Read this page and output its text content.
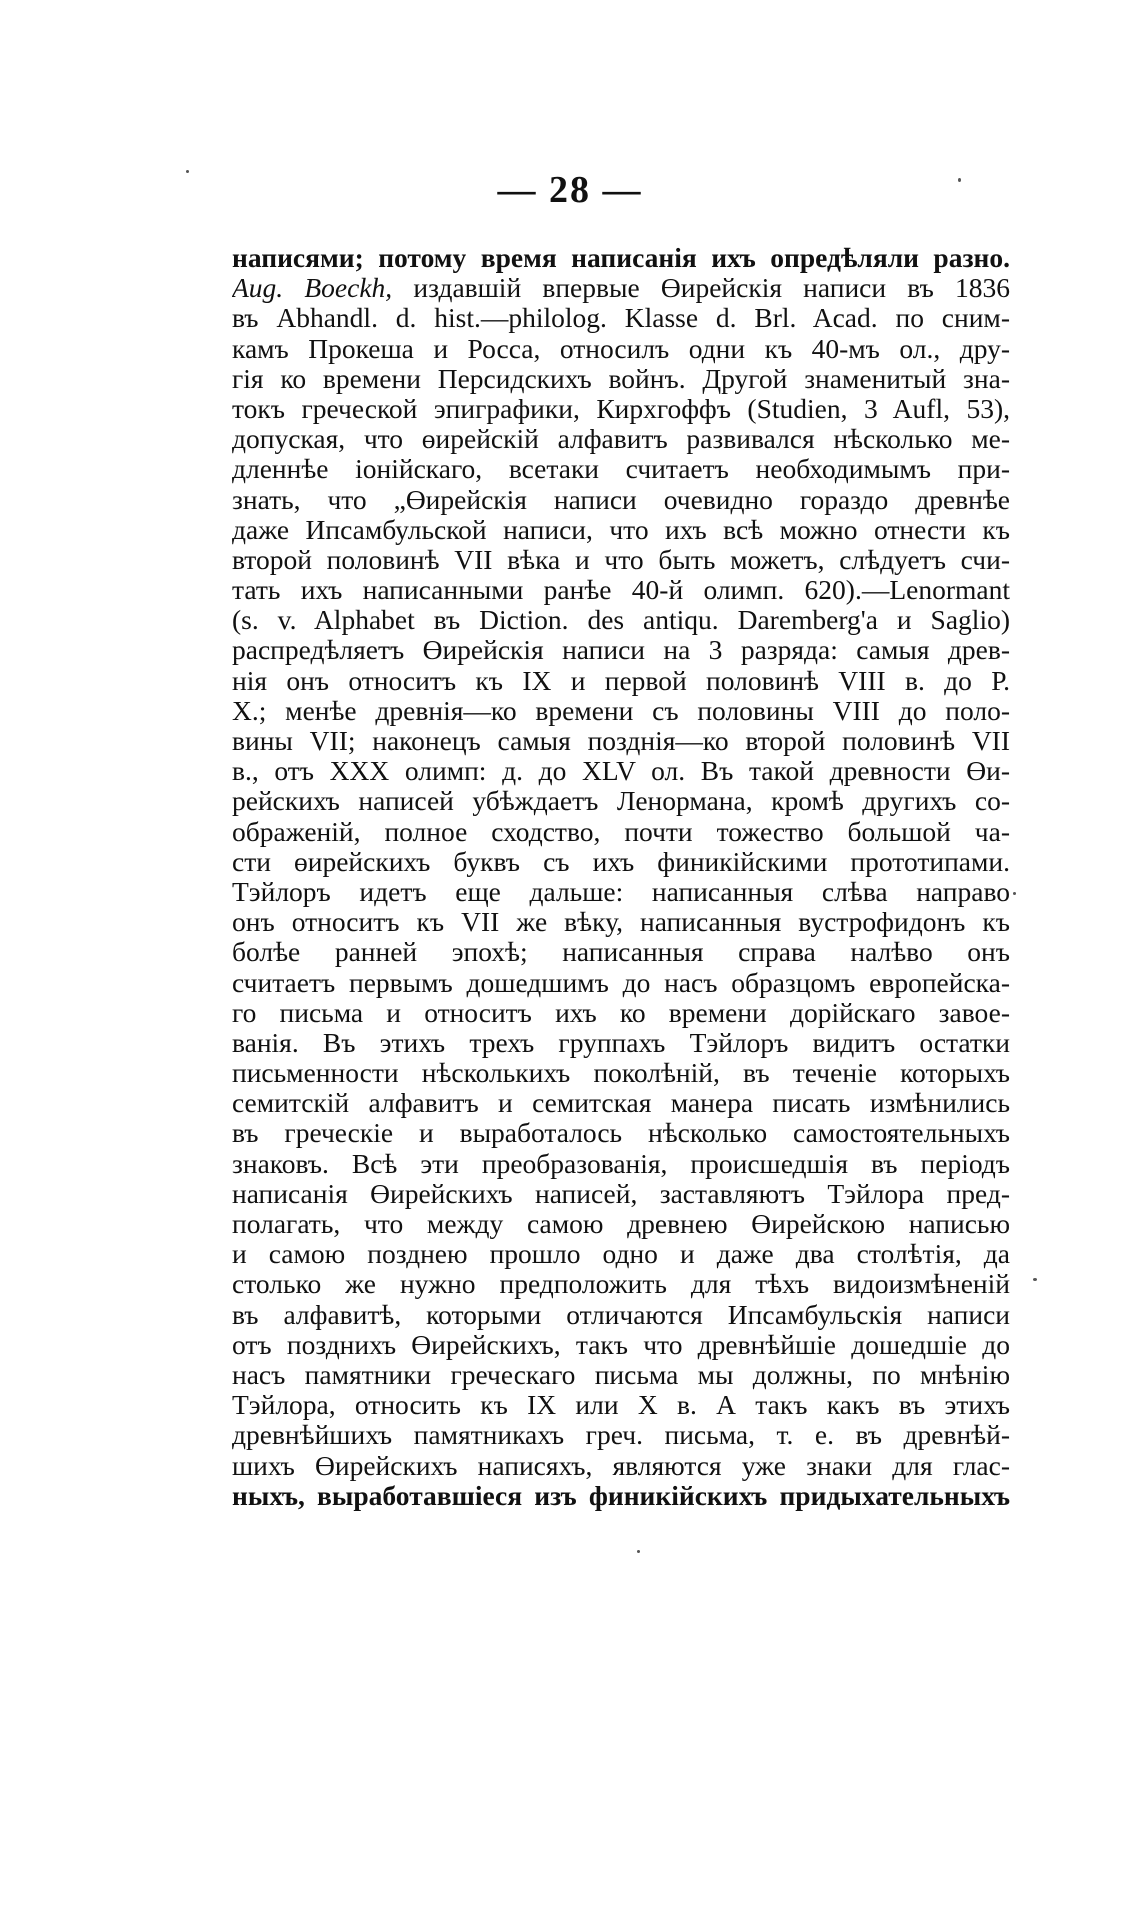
— 28 —
написями; потому время написанія ихъ опредѣляли разно.
Aug. Boeckh, издавшій впервые Өирейскія написи въ 1836
въ Abhandl. d. hist.—philolog. Klasse d. Brl. Acad. по сним-
камъ Прокеша и Росса, относилъ одни къ 40-мъ ол., дру-
гія ко времени Персидскихъ войнъ. Другой знаменитый зна-
токъ греческой эпиграфики, Кирхгоффъ (Studien, 3 Aufl, 53),
допуская, что өирейскій алфавитъ развивался нѣсколько ме-
дленнѣе іонійскаго, всетаки считаетъ необходимымъ при-
знать, что „Өирейскія написи очевидно гораздо древнѣе
даже Ипсамбульской написи, что ихъ всѣ можно отнести къ
второй половинѣ VII вѣка и что быть можетъ, слѣдуетъ счи-
тать ихъ написанными ранѣе 40-й олимп. 620).—Lenormant
(s. v. Alphabet въ Diction. des antiqu. Daremberg'a и Saglio)
распредѣляетъ Өирейскія написи на 3 разряда: самыя древ-
нія онъ относитъ къ IX и первой половинѣ VIII в. до Р.
Х.; менѣе древнія—ко времени съ половины VIII до поло-
вины VII; наконецъ самыя позднія—ко второй половинѣ VII
в., отъ XXX олимп: д. до XLV ол. Въ такой древности Өи-
рейскихъ написей убѣждаетъ Ленормана, кромѣ другихъ со-
ображеній, полное сходство, почти тожество большой ча-
сти өирейскихъ буквъ съ ихъ финикійскими прототипами.
Тэйлоръ идетъ еще дальше: написанныя слѣва направо
онъ относитъ къ VII же вѣку, написанныя вустрофидонъ къ
болѣе ранней эпохѣ; написанныя справа налѣво онъ
считаетъ первымъ дошедшимъ до насъ образцомъ европейска-
го письма и относитъ ихъ ко времени дорійскаго завое-
ванія. Въ этихъ трехъ группахъ Тэйлоръ видитъ остатки
письменности нѣсколькихъ поколѣній, въ теченіе которыхъ
семитскій алфавитъ и семитская манера писать измѣнились
въ греческіе и выработалось нѣсколько самостоятельныхъ
знаковъ. Всѣ эти преобразованія, происшедшія въ періодъ
написанія Өирейскихъ написей, заставляютъ Тэйлора пред-
полагать, что между самою древнею Өирейскою написью
и самою позднею прошло одно и даже два столѣтія, да
столько же нужно предположить для тѣхъ видоизмѣненій
въ алфавитѣ, которыми отличаются Ипсамбульскія написи
отъ позднихъ Өирейскихъ, такъ что древнѣйшіе дошедшіе до
насъ памятники греческаго письма мы должны, по мнѣнію
Тэйлора, относить къ IX или X в. А такъ какъ въ этихъ
древнѣйшихъ памятникахъ греч. письма, т. е. въ древнѣй-
шихъ Өирейскихъ написяхъ, являются уже знаки для глас-
ныхъ, выработавшіеся изъ финикійскихъ придыхательныхъ
